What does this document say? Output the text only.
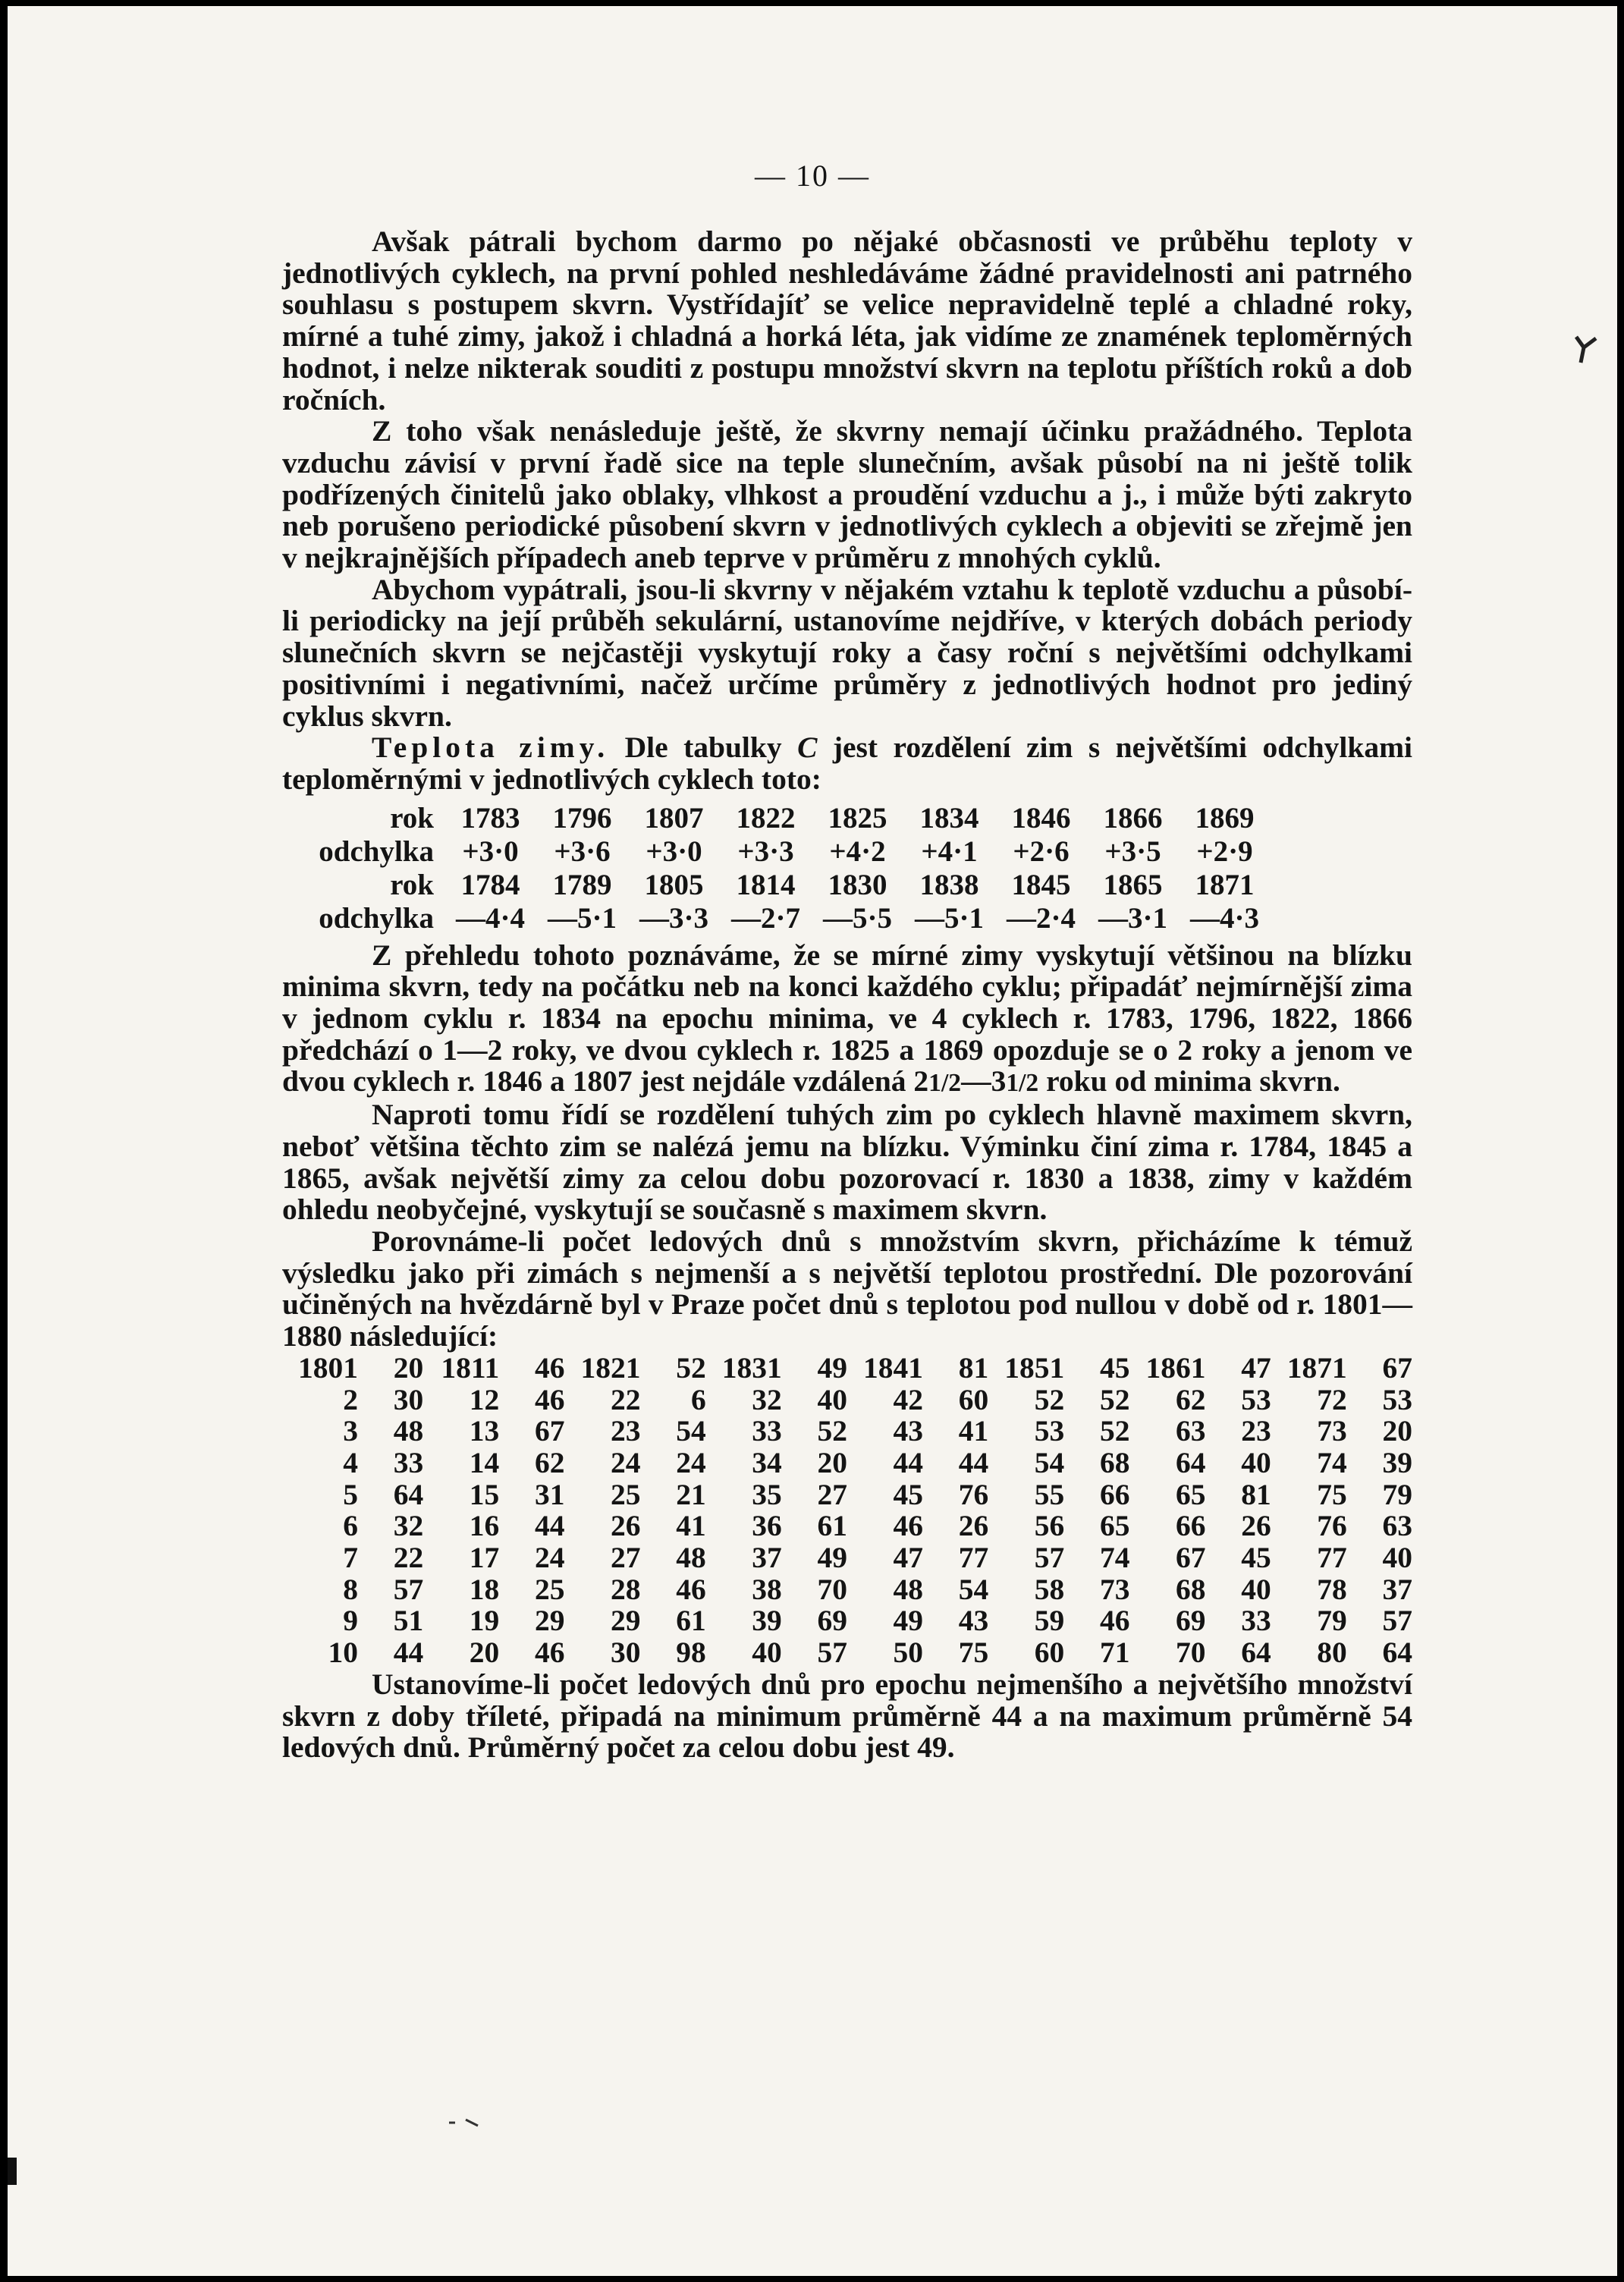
— 10 —

Avšak pátrali bychom darmo po nějaké občasnosti ve průběhu teploty v jednotlivých cyklech, na první pohled neshledáváme žádné pravidelnosti ani patrného souhlasu s postupem skvrn. Vystřídajíť se velice nepravidelně teplé a chladné roky, mírné a tuhé zimy, jakož i chladná a horká léta, jak vidíme ze znamének teploměrných hodnot, i nelze nikterak souditi z postupu množství skvrn na teplotu příštích roků a dob ročních.

Z toho však nenásleduje ještě, že skvrny nemají účinku pražádného. Teplota vzduchu závisí v první řadě sice na teple slunečním, avšak působí na ni ještě tolik podřízených činitelů jako oblaky, vlhkost a proudění vzduchu a j., i může býti zakryto neb porušeno periodické působení skvrn v jednotlivých cyklech a objeviti se zřejmě jen v nejkrajnějších případech aneb teprve v průměru z mnohých cyklů.

Abychom vypátrali, jsou-li skvrny v nějakém vztahu k teplotě vzduchu a působí-li periodicky na její průběh sekulární, ustanovíme nejdříve, v kterých dobách periody slunečních skvrn se nejčastěji vyskytují roky a časy roční s největšími odchylkami positivními i negativními, načež určíme průměry z jednotlivých hodnot pro jediný cyklus skvrn.

Teplota zimy. Dle tabulky C jest rozdělení zim s největšími odchylkami teploměrnými v jednotlivých cyklech toto:

rok	1783	1796	1807	1822	1825	1834	1846	1866	1869
odchylka	+3·0	+3·6	+3·0	+3·3	+4·2	+4·1	+2·6	+3·5	+2·9
rok	1784	1789	1805	1814	1830	1838	1845	1865	1871
odchylka	—4·4	—5·1	—3·3	—2·7	—5·5	—5·1	—2·4	—3·1	—4·3

Z přehledu tohoto poznáváme, že se mírné zimy vyskytují většinou na blízku minima skvrn, tedy na počátku neb na konci každého cyklu; připadáť nejmírnější zima v jednom cyklu r. 1834 na epochu minima, ve 4 cyklech r. 1783, 1796, 1822, 1866 předchází o 1—2 roky, ve dvou cyklech r. 1825 a 1869 opozduje se o 2 roky a jenom ve dvou cyklech r. 1846 a 1807 jest nejdále vzdálená 21/2—31/2 roku od minima skvrn.

Naproti tomu řídí se rozdělení tuhých zim po cyklech hlavně maximem skvrn, neboť většina těchto zim se nalézá jemu na blízku. Výminku činí zima r. 1784, 1845 a 1865, avšak největší zimy za celou dobu pozorovací r. 1830 a 1838, zimy v každém ohledu neobyčejné, vyskytují se současně s maximem skvrn.

Porovnáme-li počet ledových dnů s množstvím skvrn, přicházíme k témuž výsledku jako při zimách s nejmenší a s největší teplotou prostřední. Dle pozorování učiněných na hvězdárně byl v Praze počet dnů s teplotou pod nullou v době od r. 1801—1880 následující:

1801	20	1811	46	1821	52	1831	49	1841	81	1851	45	1861	47	1871	67
2	30	12	46	22	6	32	40	42	60	52	52	62	53	72	53
3	48	13	67	23	54	33	52	43	41	53	52	63	23	73	20
4	33	14	62	24	24	34	20	44	44	54	68	64	40	74	39
5	64	15	31	25	21	35	27	45	76	55	66	65	81	75	79
6	32	16	44	26	41	36	61	46	26	56	65	66	26	76	63
7	22	17	24	27	48	37	49	47	77	57	74	67	45	77	40
8	57	18	25	28	46	38	70	48	54	58	73	68	40	78	37
9	51	19	29	29	61	39	69	49	43	59	46	69	33	79	57
10	44	20	46	30	98	40	57	50	75	60	71	70	64	80	64

Ustanovíme-li počet ledových dnů pro epochu nejmenšího a největšího množství skvrn z doby tříleté, připadá na minimum průměrně 44 a na maximum průměrně 54 ledových dnů. Průměrný počet za celou dobu jest 49.
